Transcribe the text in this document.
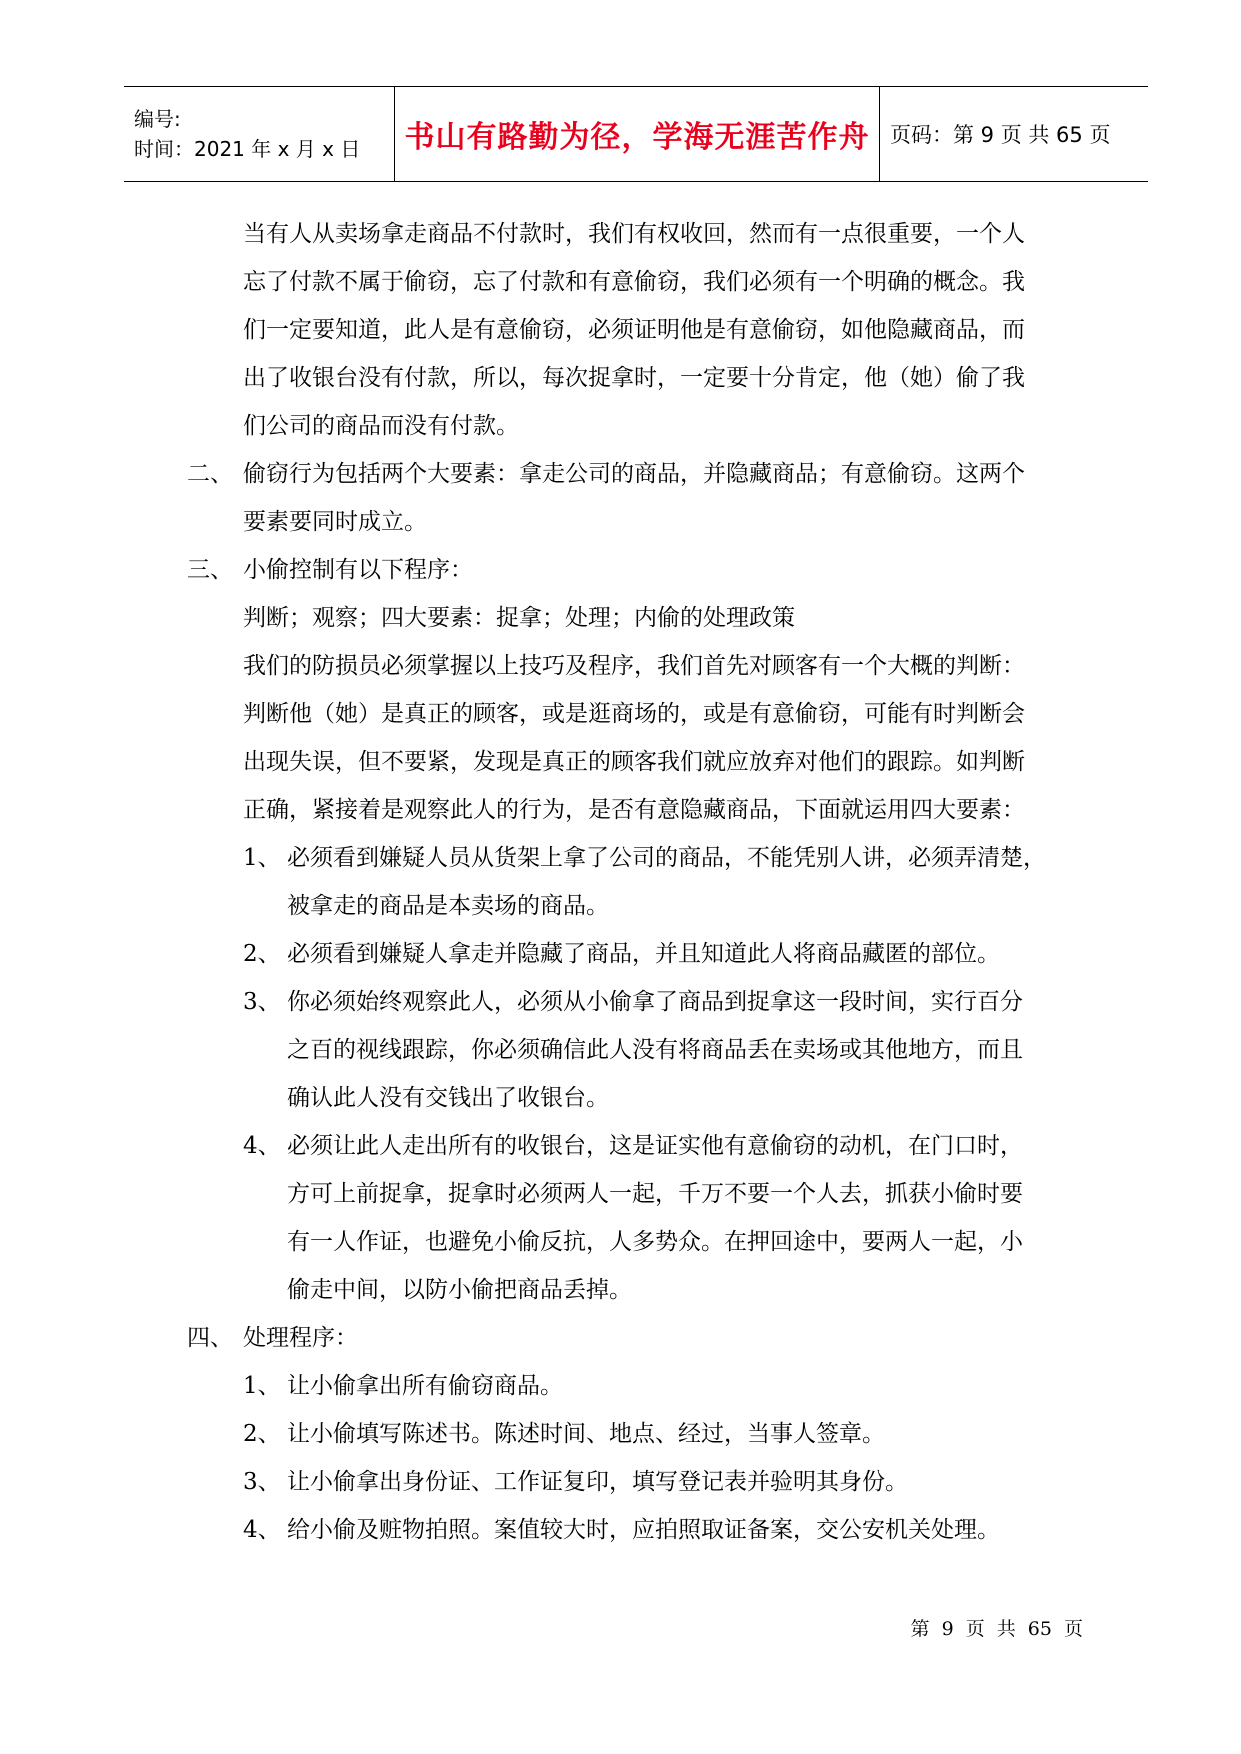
编号:
时间：2021 年 x 月 x 日	书山有路勤为径，学海无涯苦作舟	页码：第 9 页 共 65 页
当有人从卖场拿走商品不付款时，我们有权收回，然而有一点很重要，一个人
忘了付款不属于偷窃，忘了付款和有意偷窃，我们必须有一个明确的概念。我
们一定要知道，此人是有意偷窃，必须证明他是有意偷窃，如他隐藏商品，而
出了收银台没有付款，所以，每次捉拿时，一定要十分肯定，他（她）偷了我
们公司的商品而没有付款。
二、 偷窃行为包括两个大要素：拿走公司的商品，并隐藏商品；有意偷窃。这两个
要素要同时成立。
三、 小偷控制有以下程序：
判断；观察；四大要素：捉拿；处理；内偷的处理政策
我们的防损员必须掌握以上技巧及程序，我们首先对顾客有一个大概的判断：
判断他（她）是真正的顾客，或是逛商场的，或是有意偷窃，可能有时判断会
出现失误，但不要紧，发现是真正的顾客我们就应放弃对他们的跟踪。如判断
正确，紧接着是观察此人的行为，是否有意隐藏商品，下面就运用四大要素：
1、 必须看到嫌疑人员从货架上拿了公司的商品，不能凭别人讲，必须弄清楚，
被拿走的商品是本卖场的商品。
2、 必须看到嫌疑人拿走并隐藏了商品，并且知道此人将商品藏匿的部位。
3、 你必须始终观察此人，必须从小偷拿了商品到捉拿这一段时间，实行百分
之百的视线跟踪，你必须确信此人没有将商品丢在卖场或其他地方，而且
确认此人没有交钱出了收银台。
4、 必须让此人走出所有的收银台，这是证实他有意偷窃的动机，在门口时，
方可上前捉拿，捉拿时必须两人一起，千万不要一个人去，抓获小偷时要
有一人作证，也避免小偷反抗，人多势众。在押回途中，要两人一起，小
偷走中间，以防小偷把商品丢掉。
四、 处理程序：
1、 让小偷拿出所有偷窃商品。
2、 让小偷填写陈述书。陈述时间、地点、经过，当事人签章。
3、 让小偷拿出身份证、工作证复印，填写登记表并验明其身份。
4、 给小偷及赃物拍照。案值较大时，应拍照取证备案，交公安机关处理。
第 9 页 共 65 页
